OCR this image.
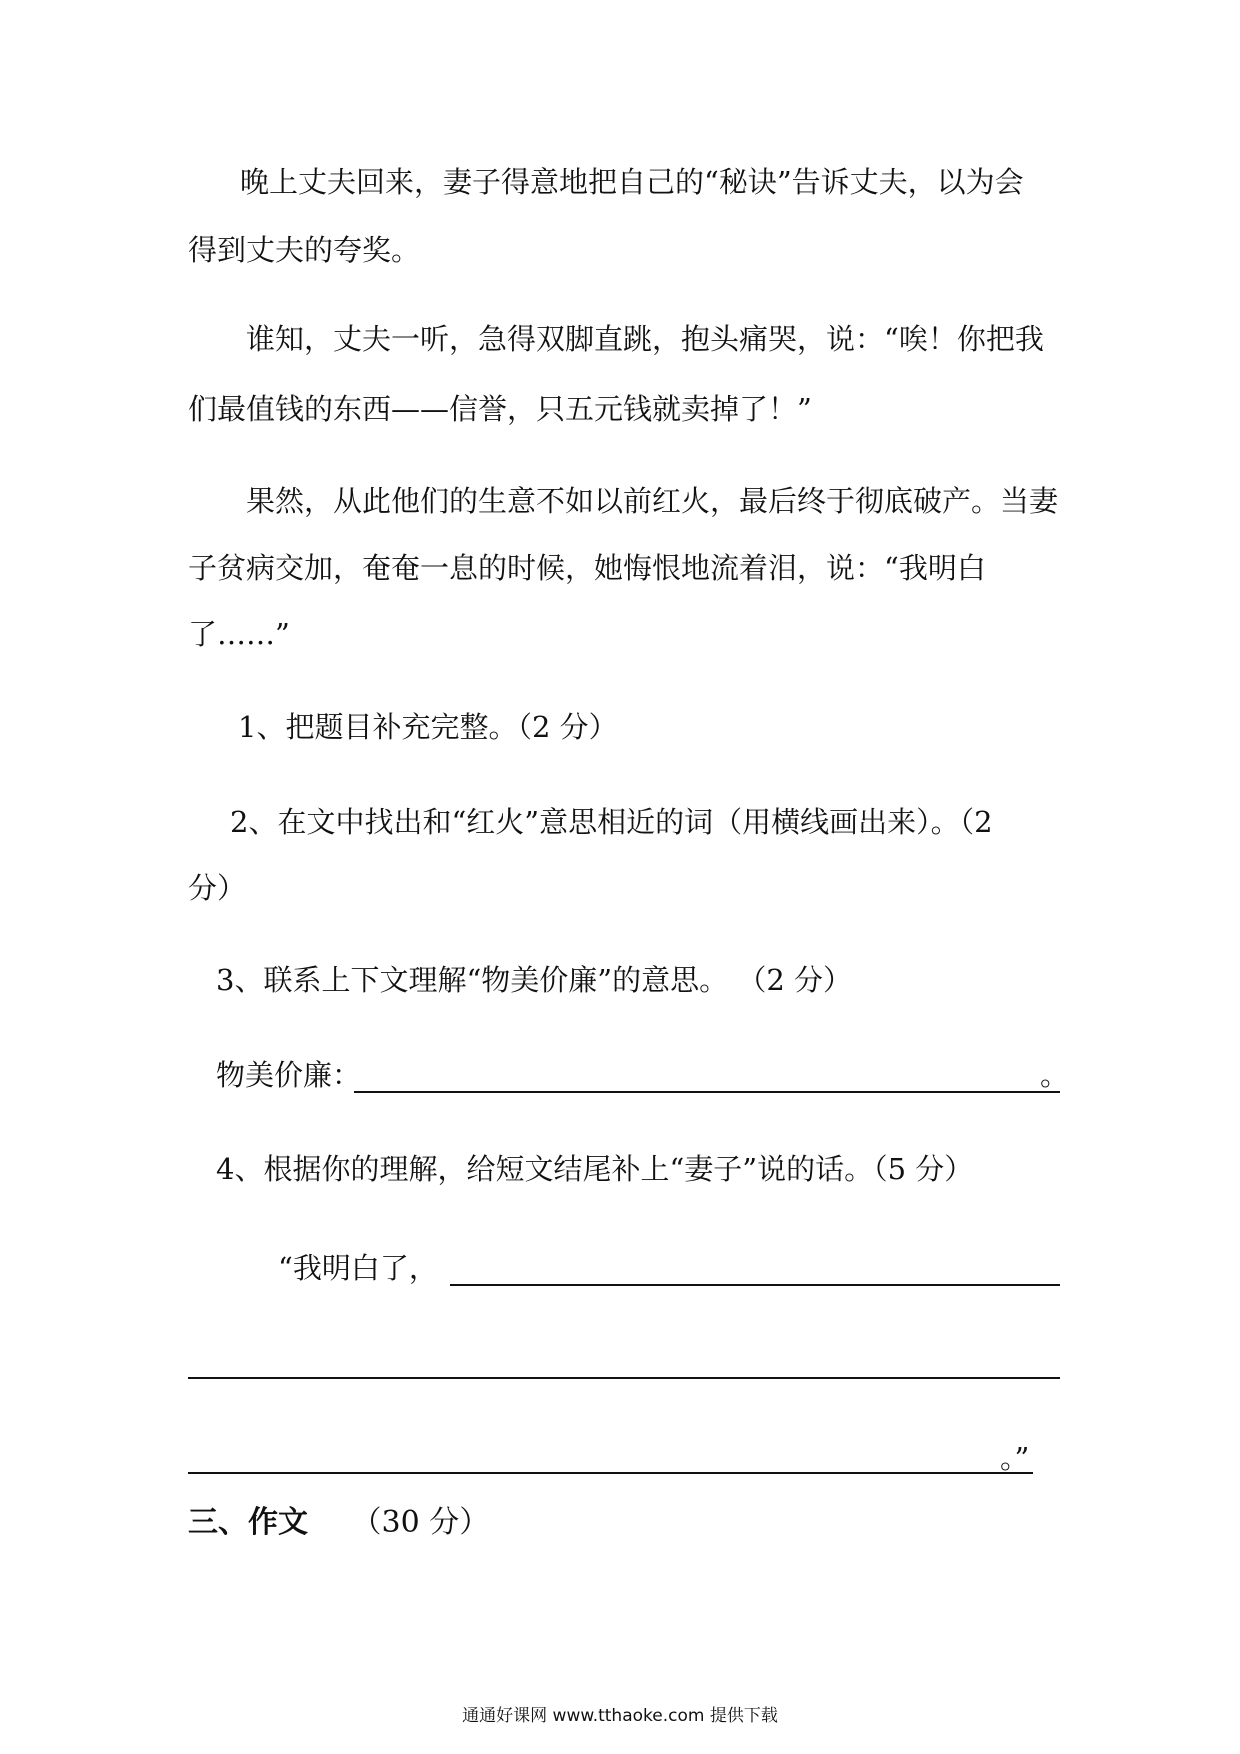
晚上丈夫回来，妻子得意地把自己的“秘诀”告诉丈夫，以为会
得到丈夫的夸奖。
谁知，丈夫一听，急得双脚直跳，抱头痛哭，说：“唉！你把我
们最值钱的东西——信誉，只五元钱就卖掉了！”
果然，从此他们的生意不如以前红火，最后终于彻底破产。当妻
子贫病交加，奄奄一息的时候，她悔恨地流着泪，说：“我明白
了……”
1、把题目补充完整。（2 分）
2、在文中找出和“红火”意思相近的词（用横线画出来）。（2
分）
3、联系上下文理解“物美价廉”的意思。 （2 分）
物美价廉：	。
4、根据你的理解，给短文结尾补上“妻子”说的话。（5 分）
“我明白了，
。”
三、作文 （30 分）
通通好课网 www.tthaoke.com 提供下载
